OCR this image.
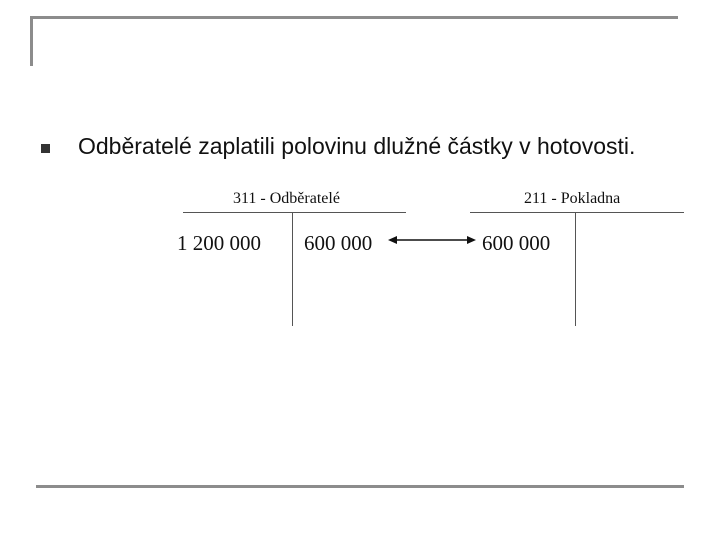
Odběratelé zaplatili polovinu dlužné částky v hotovosti.
311 - Odběratelé
1 200 000 600 000
211 - Pokladna
600 000
